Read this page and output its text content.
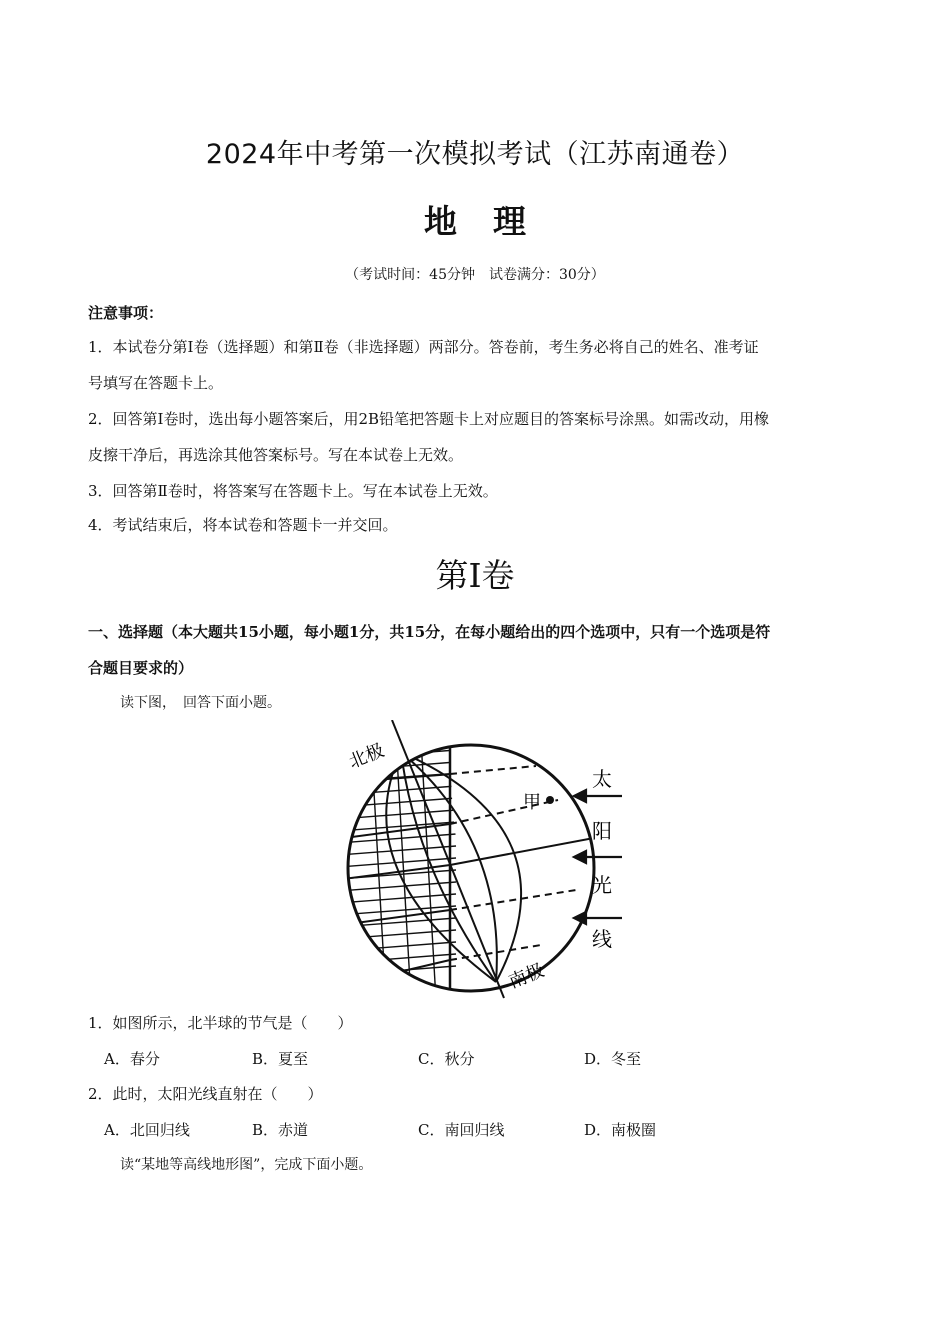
2024年中考第一次模拟考试（江苏南通卷）
地理
（考试时间：45分钟　试卷满分：30分）
注意事项：
1．本试卷分第Ⅰ卷（选择题）和第Ⅱ卷（非选择题）两部分。答卷前，考生务必将自己的姓名、准考证
号填写在答题卡上。
2．回答第Ⅰ卷时，选出每小题答案后，用2B铅笔把答题卡上对应题目的答案标号涂黑。如需改动，用橡
皮擦干净后，再选涂其他答案标号。写在本试卷上无效。
3．回答第Ⅱ卷时，将答案写在答题卡上。写在本试卷上无效。
4．考试结束后，将本试卷和答题卡一并交回。
第Ⅰ卷
一、选择题（本大题共15小题，每小题1分，共15分，在每小题给出的四个选项中，只有一个选项是符
合题目要求的）
读下图，　回答下面小题。
甲
北极
南极
太
阳
光
线
1．如图所示，北半球的节气是（　　）
A．春分	B．夏至	C．秋分	D．冬至
2．此时，太阳光线直射在（　　）
A．北回归线	B．赤道	C．南回归线	D．南极圈
读“某地等高线地形图”，完成下面小题。
